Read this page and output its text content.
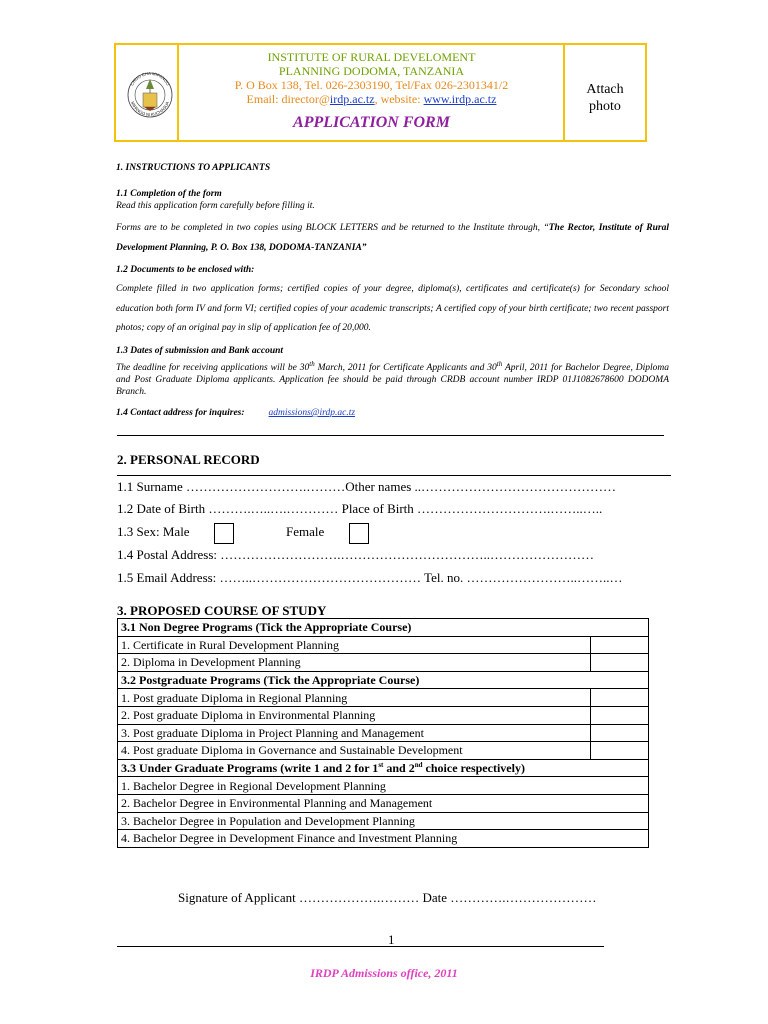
CHUO CHA MIPANGO
MIPANGO NI KUCHAGUA
INSTITUTE OF RURAL DEVELOMENT
PLANNING DODOMA, TANZANIA
P. O Box 138, Tel. 026-2303190, Tel/Fax 026-2301341/2
Email: director@irdp.ac.tz, website: www.irdp.ac.tz
APPLICATION FORM
Attach
photo
1. INSTRUCTIONS TO APPLICANTS
1.1 Completion of the form
Read this application form carefully before filling it.
Forms are to be completed in two copies using BLOCK LETTERS and be returned to the Institute through, “The Rector, Institute of Rural Development Planning, P. O. Box 138, DODOMA-TANZANIA”
1.2 Documents to be enclosed with:
Complete filled in two application forms; certified copies of your degree, diploma(s), certificates and certificate(s) for Secondary school education both form IV and form VI; certified copies of your academic transcripts; A certified copy of your birth certificate; two recent passport photos; copy of an original pay in slip of application fee of 20,000.
1.3 Dates of submission and Bank account
The deadline for receiving applications will be 30th March, 2011 for Certificate Applicants and 30th April, 2011 for Bachelor Degree, Diploma and Post Graduate Diploma applicants. Application fee should be paid through CRDB account number IRDP 01J1082678600 DODOMA Branch.
1.4 Contact address for inquires:	admissions@irdp.ac.tz
2. PERSONAL RECORD
1.1 Surname ……………………….………Other names ..………………………………………
1.2 Date of Birth ……….…..….………… Place of Birth ………………………….……..…..
1.3 Sex: Male	Female
1.4 Postal Address: ……………………….……………………………..……………………
1.5 Email Address: ……..………………………………… Tel. no. ……………………..……..…
3. PROPOSED COURSE OF STUDY
3.1 Non Degree Programs (Tick the Appropriate Course)	
1. Certificate in Rural Development Planning	
2. Diploma in Development Planning	
3.2 Postgraduate Programs (Tick the Appropriate Course)	
1. Post graduate Diploma in Regional Planning	
2. Post graduate Diploma in Environmental Planning	
3. Post graduate Diploma in Project Planning and Management	
4. Post graduate Diploma in Governance and Sustainable Development	
3.3 Under Graduate Programs (write 1 and 2 for 1st and 2nd choice respectively)	
1. Bachelor Degree in Regional Development Planning	
2. Bachelor Degree in Environmental Planning and Management	
3. Bachelor Degree in Population and Development Planning	
4. Bachelor Degree in Development Finance and Investment Planning	
Signature of Applicant ……………….……… Date ………….…………………
1
IRDP Admissions office, 2011
